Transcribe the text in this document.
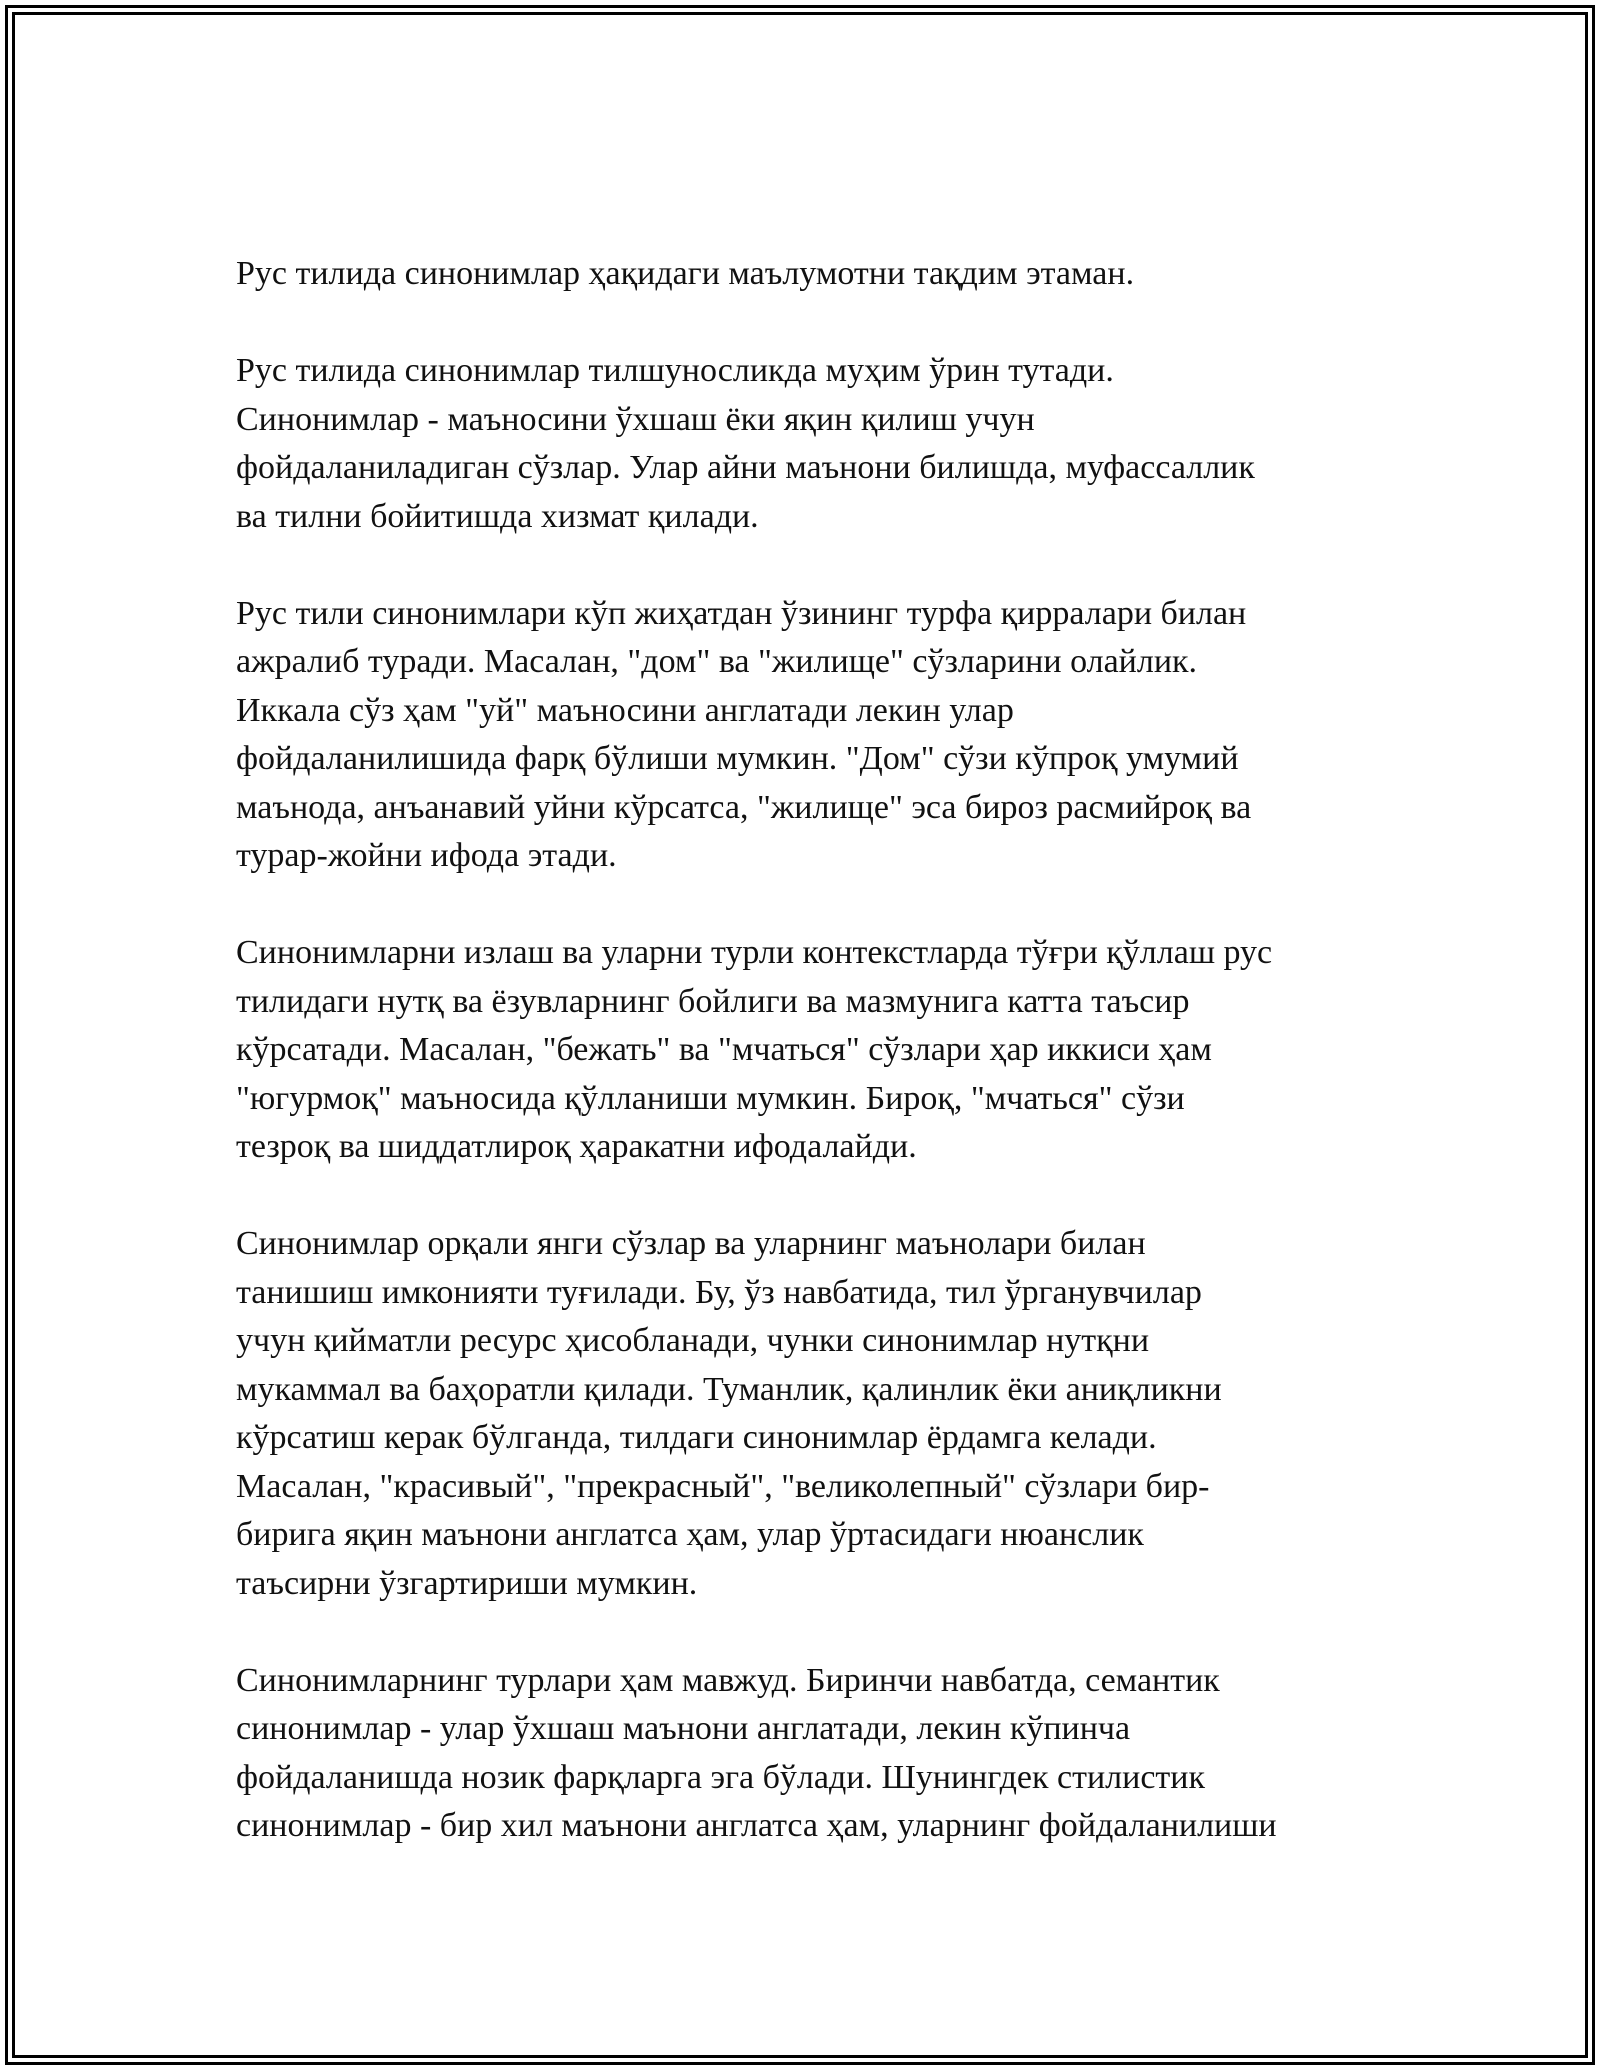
Рус тилида синонимлар ҳақидаги маълумотни тақдим этаман.

Рус тилида синонимлар тилшуносликда муҳим ўрин тутади.
Синонимлар - маъносини ўхшаш ёки яқин қилиш учун
фойдаланиладиган сўзлар. Улар айни маънони билишда, муфассаллик
ва тилни бойитишда хизмат қилади.

Рус тили синонимлари кўп жиҳатдан ўзининг турфа қирралари билан
ажралиб туради. Масалан, "дом" ва "жилище" сўзларини олайлик.
Иккала сўз ҳам "уй" маъносини англатади лекин улар
фойдаланилишида фарқ бўлиши мумкин. "Дом" сўзи кўпроқ умумий
маънода, анъанавий уйни кўрсатса, "жилище" эса бироз расмийроқ ва
турар-жойни ифода этади.

Синонимларни излаш ва уларни турли контекстларда тўғри қўллаш рус
тилидаги нутқ ва ёзувларнинг бойлиги ва мазмунига катта таъсир
кўрсатади. Масалан, "бежать" ва "мчаться" сўзлари ҳар иккиси ҳам
"югурмоқ" маъносида қўлланиши мумкин. Бироқ, "мчаться" сўзи
тезроқ ва шиддатлироқ ҳаракатни ифодалайди.

Синонимлар орқали янги сўзлар ва уларнинг маънолари билан
танишиш имконияти туғилади. Бу, ўз навбатида, тил ўрганувчилар
учун қийматли ресурс ҳисобланади, чунки синонимлар нутқни
мукаммал ва баҳоратли қилади. Туманлик, қалинлик ёки аниқликни
кўрсатиш керак бўлганда, тилдаги синонимлар ёрдамга келади.
Масалан, "красивый", "прекрасный", "великолепный" сўзлари бир-
бирига яқин маънони англатса ҳам, улар ўртасидаги нюанслик
таъсирни ўзгартириши мумкин.

Синонимларнинг турлари ҳам мавжуд. Биринчи навбатда, семантик
синонимлар - улар ўхшаш маънони англатади, лекин кўпинча
фойдаланишда нозик фарқларга эга бўлади. Шунингдек стилистик
синонимлар - бир хил маънони англатса ҳам, уларнинг фойдаланилиши
